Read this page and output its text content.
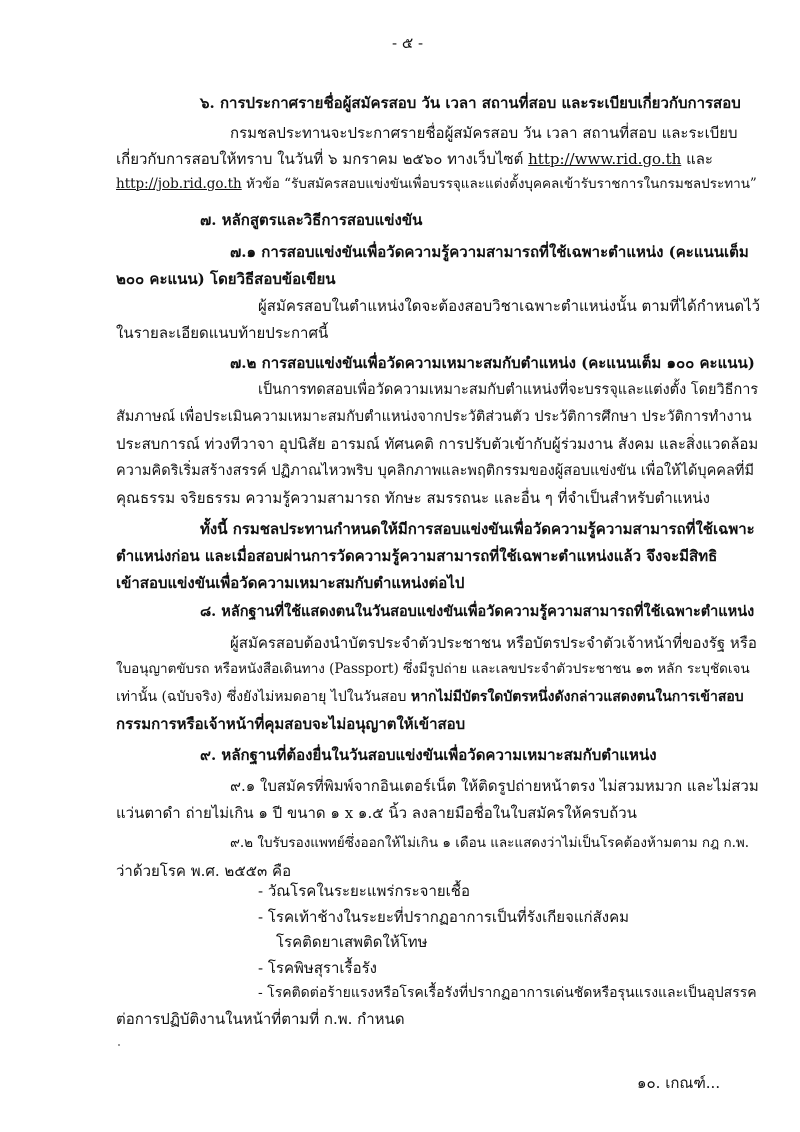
- ๕ -
๖. การประกาศรายชื่อผู้สมัครสอบ วัน เวลา สถานที่สอบ และระเบียบเกี่ยวกับการสอบ
กรมชลประทานจะประกาศรายชื่อผู้สมัครสอบ วัน เวลา สถานที่สอบ และระเบียบ
เกี่ยวกับการสอบให้ทราบ ในวันที่ ๖ มกราคม ๒๕๖๐ ทางเว็บไซต์ http://www.rid.go.th และ
http://job.rid.go.th หัวข้อ “รับสมัครสอบแข่งขันเพื่อบรรจุและแต่งตั้งบุคคลเข้ารับราชการในกรมชลประทาน”
๗. หลักสูตรและวิธีการสอบแข่งขัน
๗.๑ การสอบแข่งขันเพื่อวัดความรู้ความสามารถที่ใช้เฉพาะตำแหน่ง (คะแนนเต็ม
๒๐๐ คะแนน) โดยวิธีสอบข้อเขียน
ผู้สมัครสอบในตำแหน่งใดจะต้องสอบวิชาเฉพาะตำแหน่งนั้น ตามที่ได้กำหนดไว้
ในรายละเอียดแนบท้ายประกาศนี้
๗.๒ การสอบแข่งขันเพื่อวัดความเหมาะสมกับตำแหน่ง (คะแนนเต็ม ๑๐๐ คะแนน)
เป็นการทดสอบเพื่อวัดความเหมาะสมกับตำแหน่งที่จะบรรจุและแต่งตั้ง โดยวิธีการ
สัมภาษณ์ เพื่อประเมินความเหมาะสมกับตำแหน่งจากประวัติส่วนตัว ประวัติการศึกษา ประวัติการทำงาน
ประสบการณ์ ท่วงทีวาจา อุปนิสัย อารมณ์ ทัศนคติ การปรับตัวเข้ากับผู้ร่วมงาน สังคม และสิ่งแวดล้อม
ความคิดริเริ่มสร้างสรรค์ ปฏิภาณไหวพริบ บุคลิกภาพและพฤติกรรมของผู้สอบแข่งขัน เพื่อให้ได้บุคคลที่มี
คุณธรรม จริยธรรม ความรู้ความสามารถ ทักษะ สมรรถนะ และอื่น ๆ ที่จำเป็นสำหรับตำแหน่ง
ทั้งนี้ กรมชลประทานกำหนดให้มีการสอบแข่งขันเพื่อวัดความรู้ความสามารถที่ใช้เฉพาะ
ตำแหน่งก่อน และเมื่อสอบผ่านการวัดความรู้ความสามารถที่ใช้เฉพาะตำแหน่งแล้ว จึงจะมีสิทธิ
เข้าสอบแข่งขันเพื่อวัดความเหมาะสมกับตำแหน่งต่อไป
๘. หลักฐานที่ใช้แสดงตนในวันสอบแข่งขันเพื่อวัดความรู้ความสามารถที่ใช้เฉพาะตำแหน่ง
ผู้สมัครสอบต้องนำบัตรประจำตัวประชาชน หรือบัตรประจำตัวเจ้าหน้าที่ของรัฐ หรือ
ใบอนุญาตขับรถ หรือหนังสือเดินทาง (Passport) ซึ่งมีรูปถ่าย และเลขประจำตัวประชาชน ๑๓ หลัก ระบุชัดเจน
เท่านั้น (ฉบับจริง) ซึ่งยังไม่หมดอายุ ไปในวันสอบ หากไม่มีบัตรใดบัตรหนึ่งดังกล่าวแสดงตนในการเข้าสอบ
กรรมการหรือเจ้าหน้าที่คุมสอบจะไม่อนุญาตให้เข้าสอบ
๙. หลักฐานที่ต้องยื่นในวันสอบแข่งขันเพื่อวัดความเหมาะสมกับตำแหน่ง
๙.๑ ใบสมัครที่พิมพ์จากอินเตอร์เน็ต ให้ติดรูปถ่ายหน้าตรง ไม่สวมหมวก และไม่สวม
แว่นตาดำ ถ่ายไม่เกิน ๑ ปี ขนาด ๑ x ๑.๕ นิ้ว ลงลายมือชื่อในใบสมัครให้ครบถ้วน
๙.๒ ใบรับรองแพทย์ซึ่งออกให้ไม่เกิน ๑ เดือน และแสดงว่าไม่เป็นโรคต้องห้ามตาม กฎ ก.พ.
ว่าด้วยโรค พ.ศ. ๒๕๕๓ คือ
- วัณโรคในระยะแพร่กระจายเชื้อ
- โรคเท้าช้างในระยะที่ปรากฏอาการเป็นที่รังเกียจแก่สังคม
โรคติดยาเสพติดให้โทษ
- โรคพิษสุราเรื้อรัง
- โรคติดต่อร้ายแรงหรือโรคเรื้อรังที่ปรากฏอาการเด่นชัดหรือรุนแรงและเป็นอุปสรรค
ต่อการปฏิบัติงานในหน้าที่ตามที่ ก.พ. กำหนด
๑๐. เกณฑ์...
